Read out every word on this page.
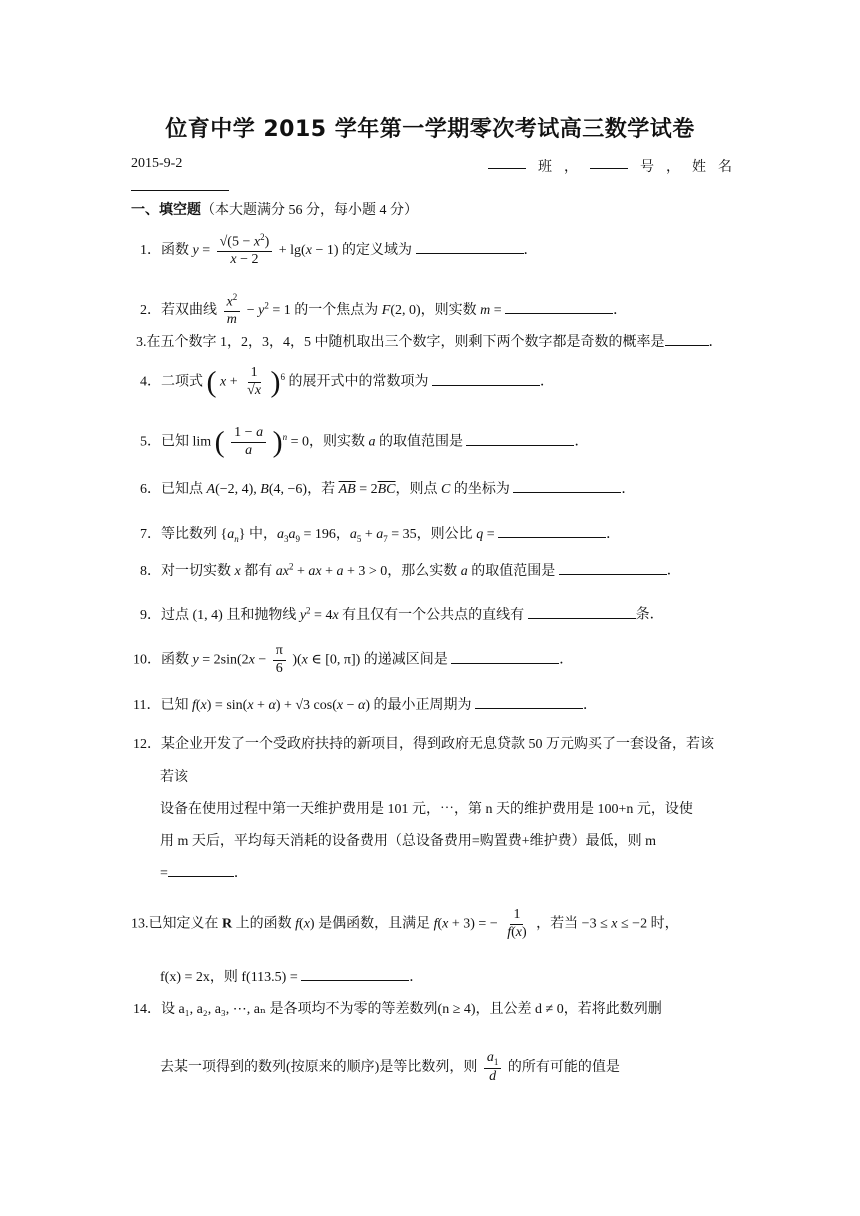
位育中学 2015 学年第一学期零次考试高三数学试卷
2015-9-2	班 ，	号 ， 姓 名
一、填空题（本大题满分 56 分，每小题 4 分）
1．函数 $y = \frac{√(5 - x^2)}{x - 2} + \lg(x - 1)$ 的定义域为	．
2．若双曲线 $\frac{x^2}{m} - y^2 = 1$ 的一个焦点为 F(2, 0)，则实数 m =	．
3.在五个数字 1，2，3，4，5 中随机取出三个数字，则剩下两个数字都是奇数的概率是	．
4．二项式 ( $x + \frac{1}{√x} )^6$ 的展开式中的常数项为	．
5．已知 lim ( $\frac{1 - a}{a} )^n = 0$，则实数 a 的取值范围是	．
6．已知点 A(−2, 4), B(4, −6)，若 $\overline{AB} = 2\overline{BC}$，则点 C 的坐标为	．
7．等比数列 $\{a_n\}$ 中，$a_3a_9 = 196$，$a_5 + a_7 = 35$，则公比 q =	．
8．对一切实数 x 都有 $ax^2$ + ax + a + 3 > 0，那么实数 a 的取值范围是	．
9．过点 (1, 4) 且和抛物线 $y^2 = 4x$ 有且仅有一个公共点的直线有	条．
10．函数 $y = 2\sin(2x - \frac{\pi}{6} )(x$ ∈ [0, π]) 的递减区间是	．
11．已知 f(x) = sin(x + α) + √3 cos(x − α) 的最小正周期为	．
12．某企业开发了一个受政府扶持的新项目，得到政府无息贷款 50 万元购买了一套设备，若该
若该
设备在使用过程中第一天维护费用是 101 元，⋯，第 n 天的维护费用是 100+n 元，设使
用 m 天后，平均每天消耗的设备费用（总设备费用=购置费+维护费）最低，则 m
=	．
13.已知定义在 R 上的函数 f(x) 是偶函数，且满足 f(x + 3) = − $\frac{1}{f(x)}$ ，若当 −3 ≤ x ≤ −2 时，
f(x) = 2x，则 f(113.5) =	．
14．设 a₁, a₂, a₃, ⋯, aₙ 是各项均不为零的等差数列(n ≥ 4)，且公差 d ≠ 0，若将此数列删
去某一项得到的数列(按原来的顺序)是等比数列，则 $\frac{a_1}{d}$ 的所有可能的值是
